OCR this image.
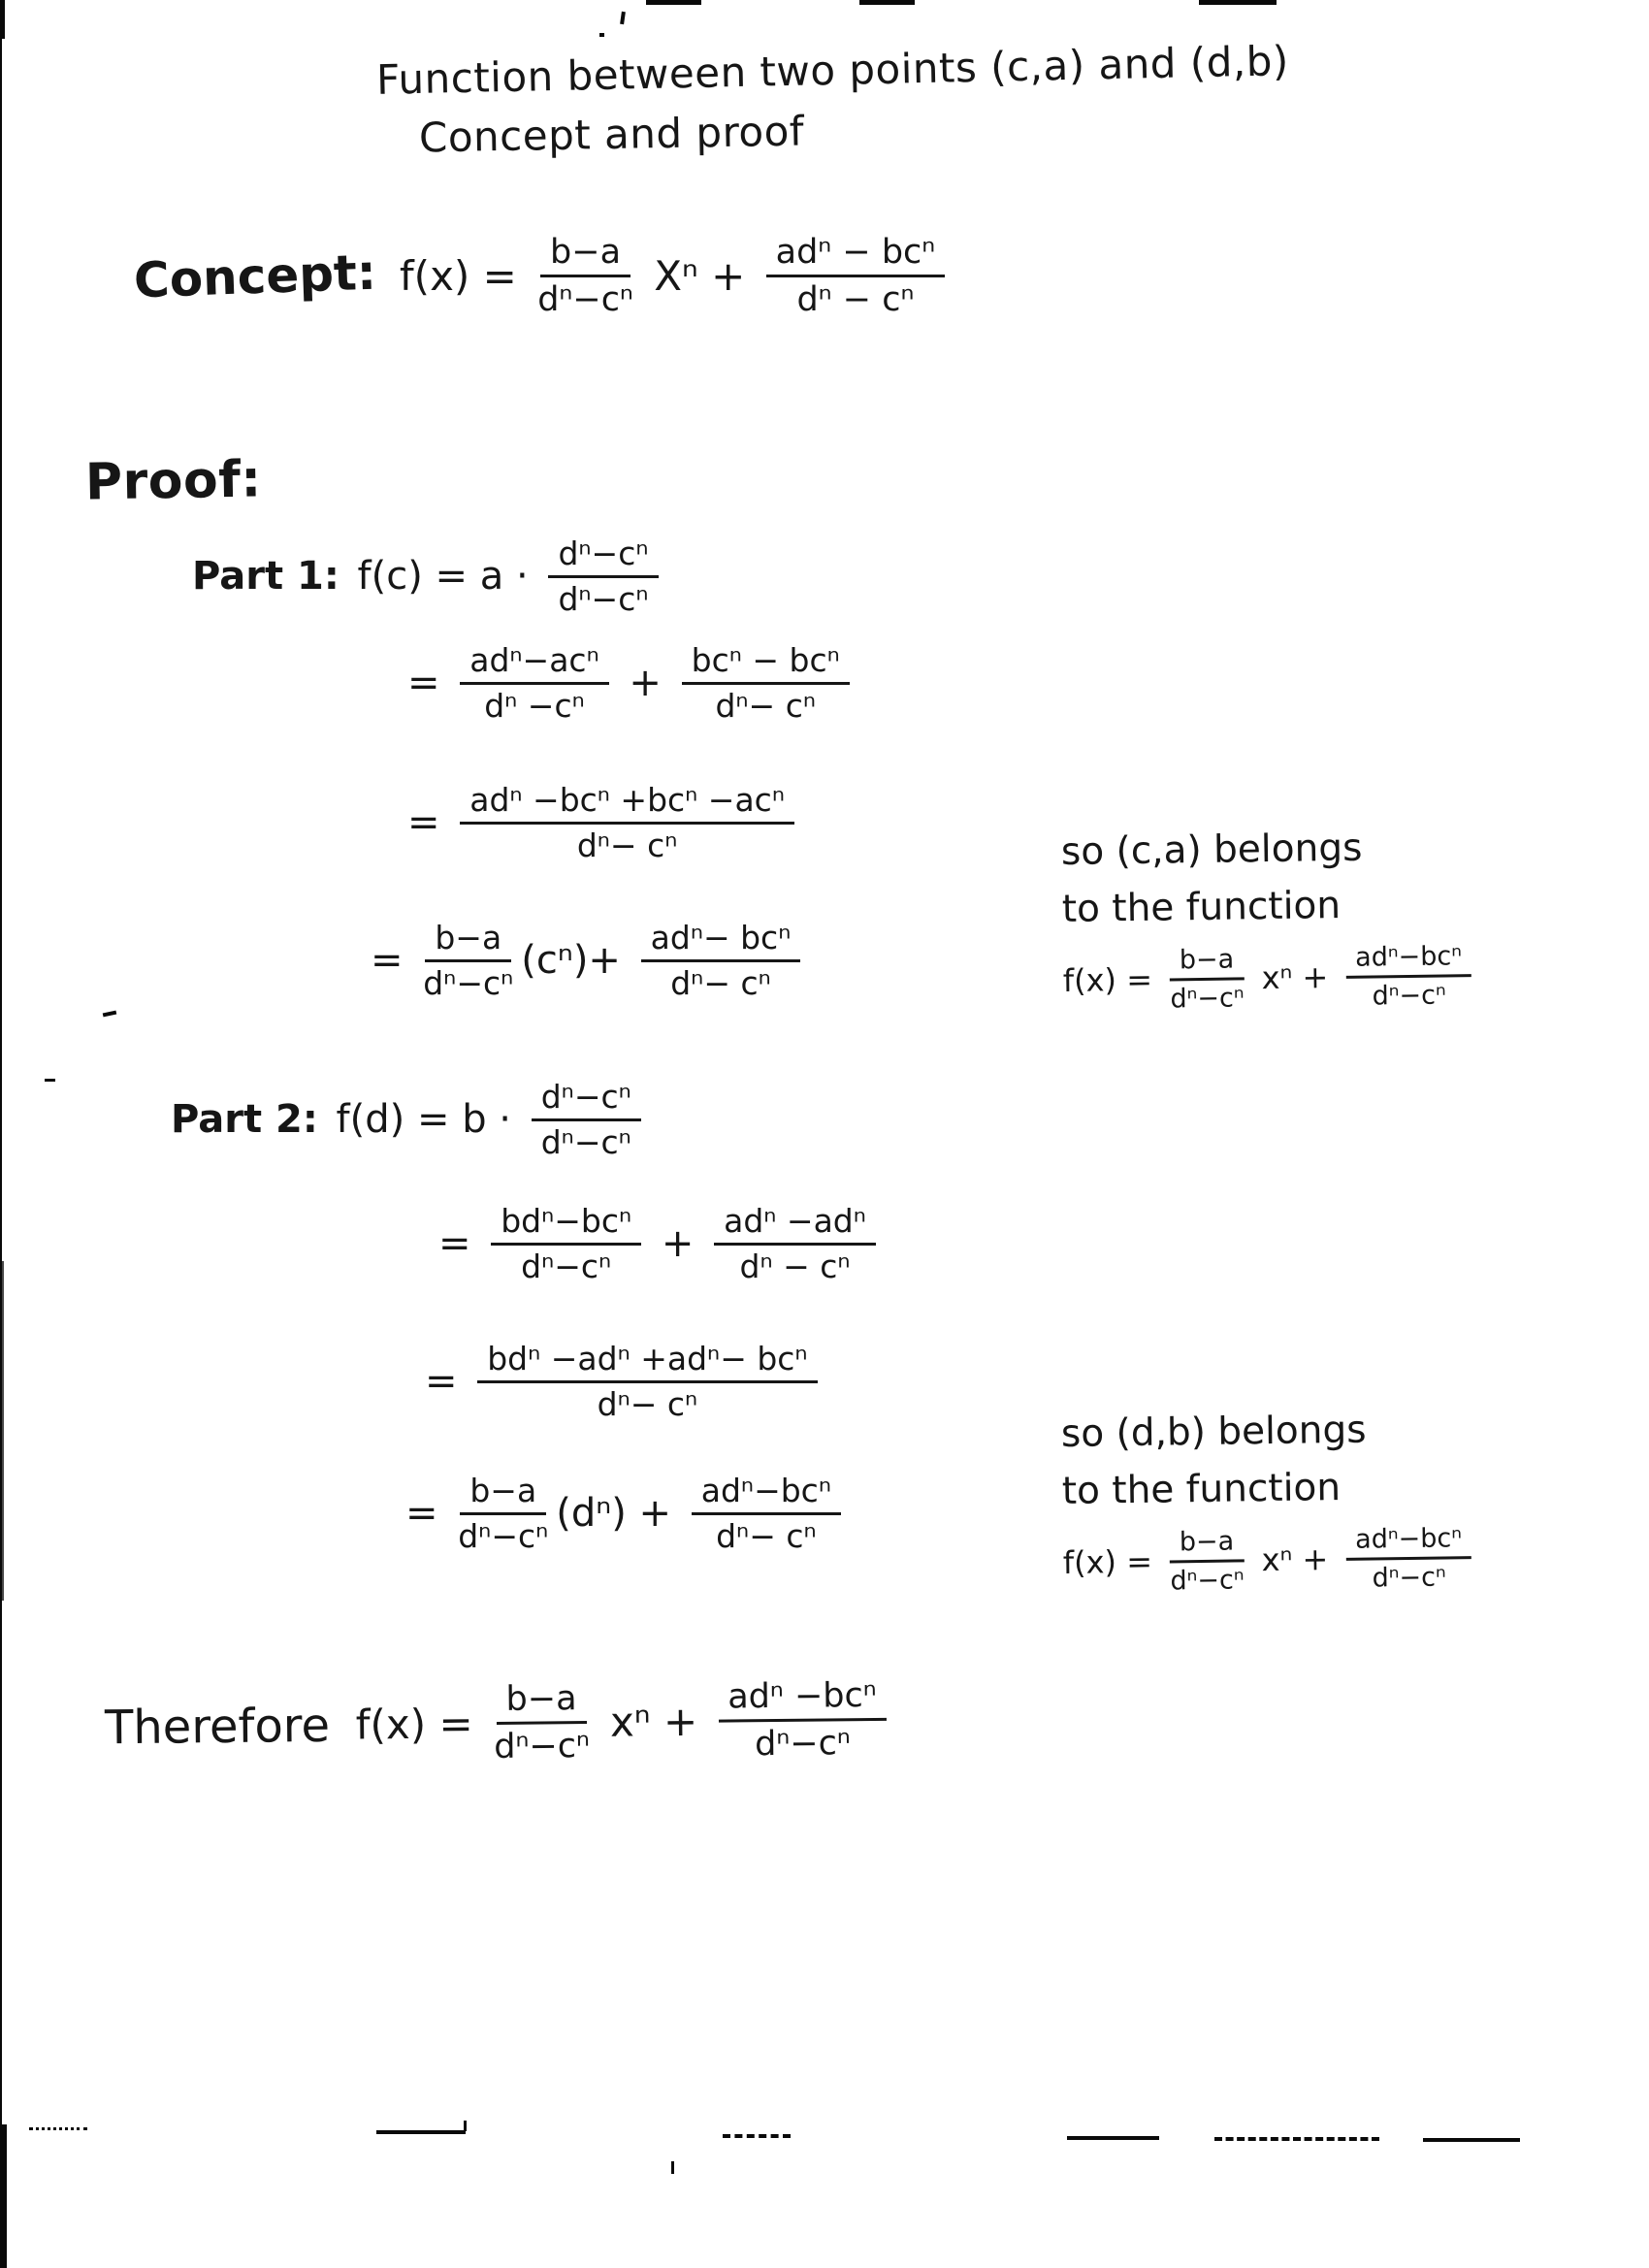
Function between two points (c,a) and (d,b)
Concept and proof
Concept: $f(x) = \frac{b-a}{\text{dⁿ−cⁿ}}$ $X^n + \frac{\text{adⁿ − bcⁿ}}{\text{dⁿ − cⁿ}}$
Proof:
Part 1: $f(c) = a \cdot \frac{\text{dⁿ−cⁿ}}{\text{dⁿ−cⁿ}}$
= $\frac{\text{adⁿ−acⁿ}}{\text{dⁿ −cⁿ}} + \frac{\text{bcⁿ − bcⁿ}}{\text{dⁿ− cⁿ}}$
= $\frac{\text{adⁿ −bcⁿ +bcⁿ −acⁿ}}{\text{dⁿ− cⁿ}}$
= $\frac{b-a}{\text{dⁿ−cⁿ}} (c^n)+ \frac{\text{adⁿ− bcⁿ}}{\text{dⁿ− cⁿ}}$
so (c,a) belongs
to the function
$f(x) = \frac{b-a}{\text{dⁿ−cⁿ}}$ $x^n + \frac{\text{adⁿ−bcⁿ}}{\text{dⁿ−cⁿ}}$
Part 2: $f(d) = b \cdot \frac{\text{dⁿ−cⁿ}}{\text{dⁿ−cⁿ}}$
= $\frac{\text{bdⁿ−bcⁿ}}{\text{dⁿ−cⁿ}} + \frac{\text{adⁿ −adⁿ}}{\text{dⁿ − cⁿ}}$
= $\frac{\text{bdⁿ −adⁿ +adⁿ− bcⁿ}}{\text{dⁿ− cⁿ}}$
= $\frac{b-a}{\text{dⁿ−cⁿ}} (d^n) + \frac{\text{adⁿ−bcⁿ}}{\text{dⁿ− cⁿ}}$
so (d,b) belongs
to the function
$f(x) = \frac{b-a}{\text{dⁿ−cⁿ}}$ $x^n + \frac{\text{adⁿ−bcⁿ}}{\text{dⁿ−cⁿ}}$
Therefore $f(x) = \frac{b-a}{\text{dⁿ−cⁿ}}$ $x^n + \frac{\text{adⁿ −bcⁿ}}{\text{dⁿ−cⁿ}}$
